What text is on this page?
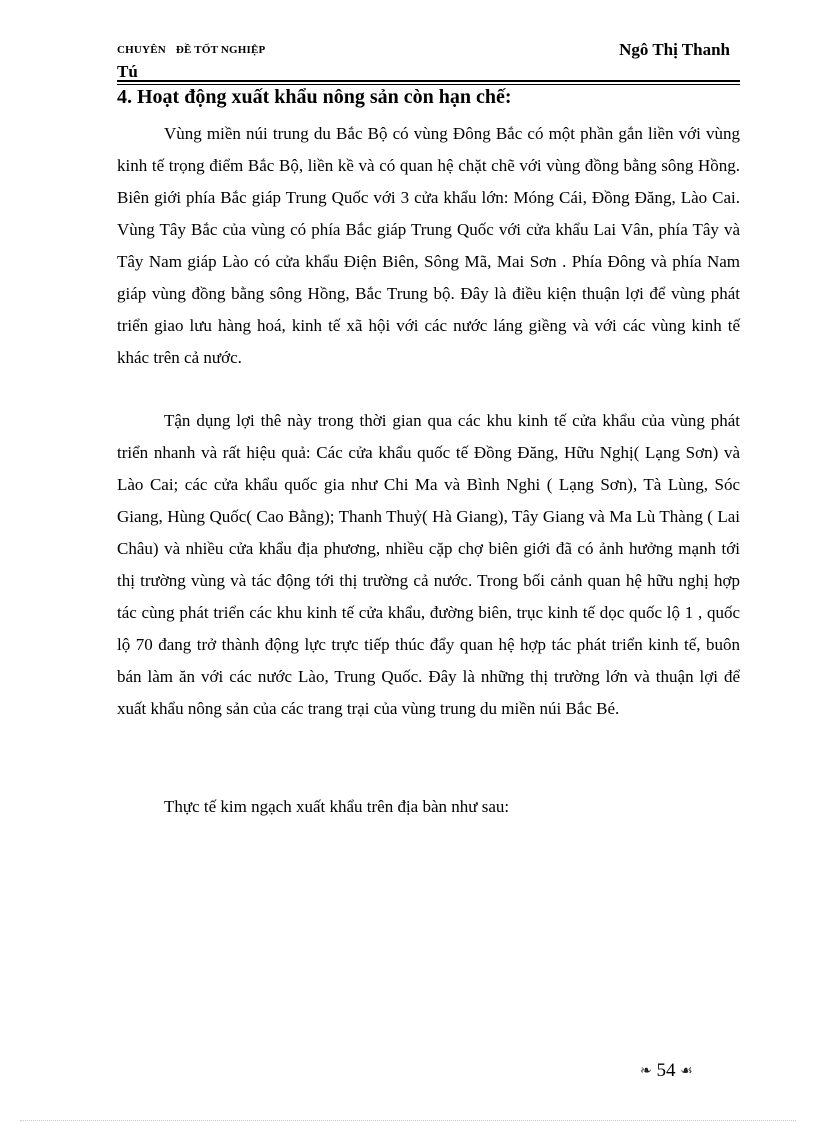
CHUYÊN ĐỀ TỐT NGHIỆP	Ngô Thị Thanh
Tú
4. Hoạt động xuất khẩu nông sản còn hạn chế:

Vùng miền núi trung du Bắc Bộ có vùng Đông Bắc có một phần gắn liền với vùng kinh tế trọng điểm Bắc Bộ, liền kề và có quan hệ chặt chẽ với vùng đồng bằng sông Hồng. Biên giới phía Bắc giáp Trung Quốc với 3 cửa khẩu lớn: Móng Cái, Đồng Đăng, Lào Cai. Vùng Tây Bắc của vùng có phía Bắc giáp Trung Quốc với cửa khẩu Lai Vân, phía Tây và Tây Nam giáp Lào có cửa khẩu Điện Biên, Sông Mã, Mai Sơn . Phía Đông và phía Nam giáp vùng đồng bằng sông Hồng, Bắc Trung bộ. Đây là điều kiện thuận lợi để vùng phát triển giao lưu hàng hoá, kinh tế xã hội với các nước láng giềng và với các vùng kinh tế khác trên cả nước.

Tận dụng lợi thê này trong thời gian qua các khu kinh tế cửa khẩu của vùng phát triển nhanh và rất hiệu quả: Các cửa khẩu quốc tế Đồng Đăng, Hữu Nghị( Lạng Sơn) và Lào Cai; các cửa khẩu quốc gia như Chi Ma và Bình Nghi ( Lạng Sơn), Tà Lùng, Sóc Giang, Hùng Quốc( Cao Bằng); Thanh Thuỷ( Hà Giang), Tây Giang và Ma Lù Thàng ( Lai Châu) và nhiều cửa khẩu địa phương, nhiều cặp chợ biên giới đã có ảnh hưởng mạnh tới thị trường vùng và tác động tới thị trường cả nước. Trong bối cảnh quan hệ hữu nghị hợp tác cùng phát triển các khu kinh tế cửa khẩu, đường biên, trục kinh tế dọc quốc lộ 1 , quốc lộ 70 đang trở thành động lực trực tiếp thúc đẩy quan hệ hợp tác phát triển kinh tế, buôn bán làm ăn với các nước Lào, Trung Quốc. Đây là những thị trường lớn và thuận lợi để xuất khẩu nông sản của các trang trại của vùng trung du miền núi Bắc Bé.

Thực tế kim ngạch xuất khẩu trên địa bàn như sau:

❧ 54 ☙
